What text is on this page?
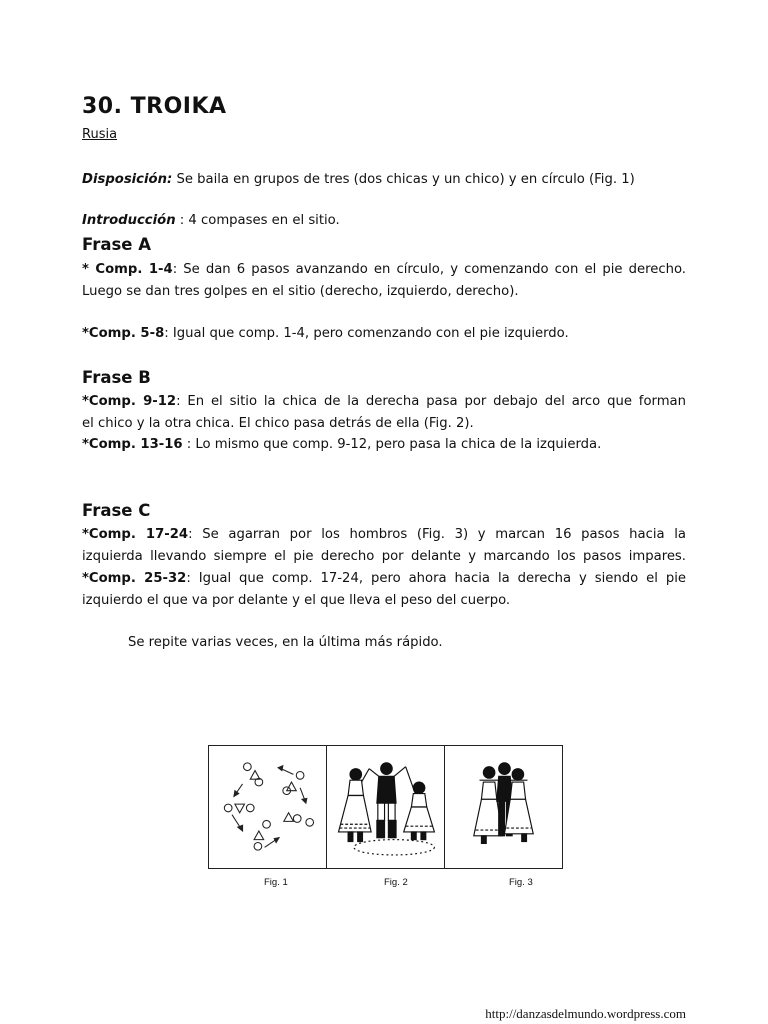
30. TROIKA
Rusia
Disposición: Se baila en grupos de tres (dos chicas y un chico) y en círculo (Fig. 1)
Introducción : 4 compases en el sitio.
Frase A
* Comp. 1-4: Se dan 6 pasos avanzando en círculo, y comenzando con el pie derecho.
Luego se dan tres golpes en el sitio (derecho, izquierdo, derecho).
*Comp. 5-8: Igual que comp. 1-4, pero comenzando con el pie izquierdo.
Frase B
*Comp. 9-12: En el sitio la chica de la derecha pasa por debajo del arco que forman
el chico y la otra chica. El chico pasa detrás de ella (Fig. 2).
*Comp. 13-16 : Lo mismo que comp. 9-12, pero pasa la chica de la izquierda.
Frase C
*Comp. 17-24: Se agarran por los hombros (Fig. 3) y marcan 16 pasos hacia la
izquierda llevando siempre el pie derecho por delante y marcando los pasos impares.
*Comp. 25-32: Igual que comp. 17-24, pero ahora hacia la derecha y siendo el pie
izquierdo el que va por delante y el que lleva el peso del cuerpo.
Se repite varias veces, en la última más rápido.
Fig. 1	Fig. 2	Fig. 3
http://danzasdelmundo.wordpress.com
